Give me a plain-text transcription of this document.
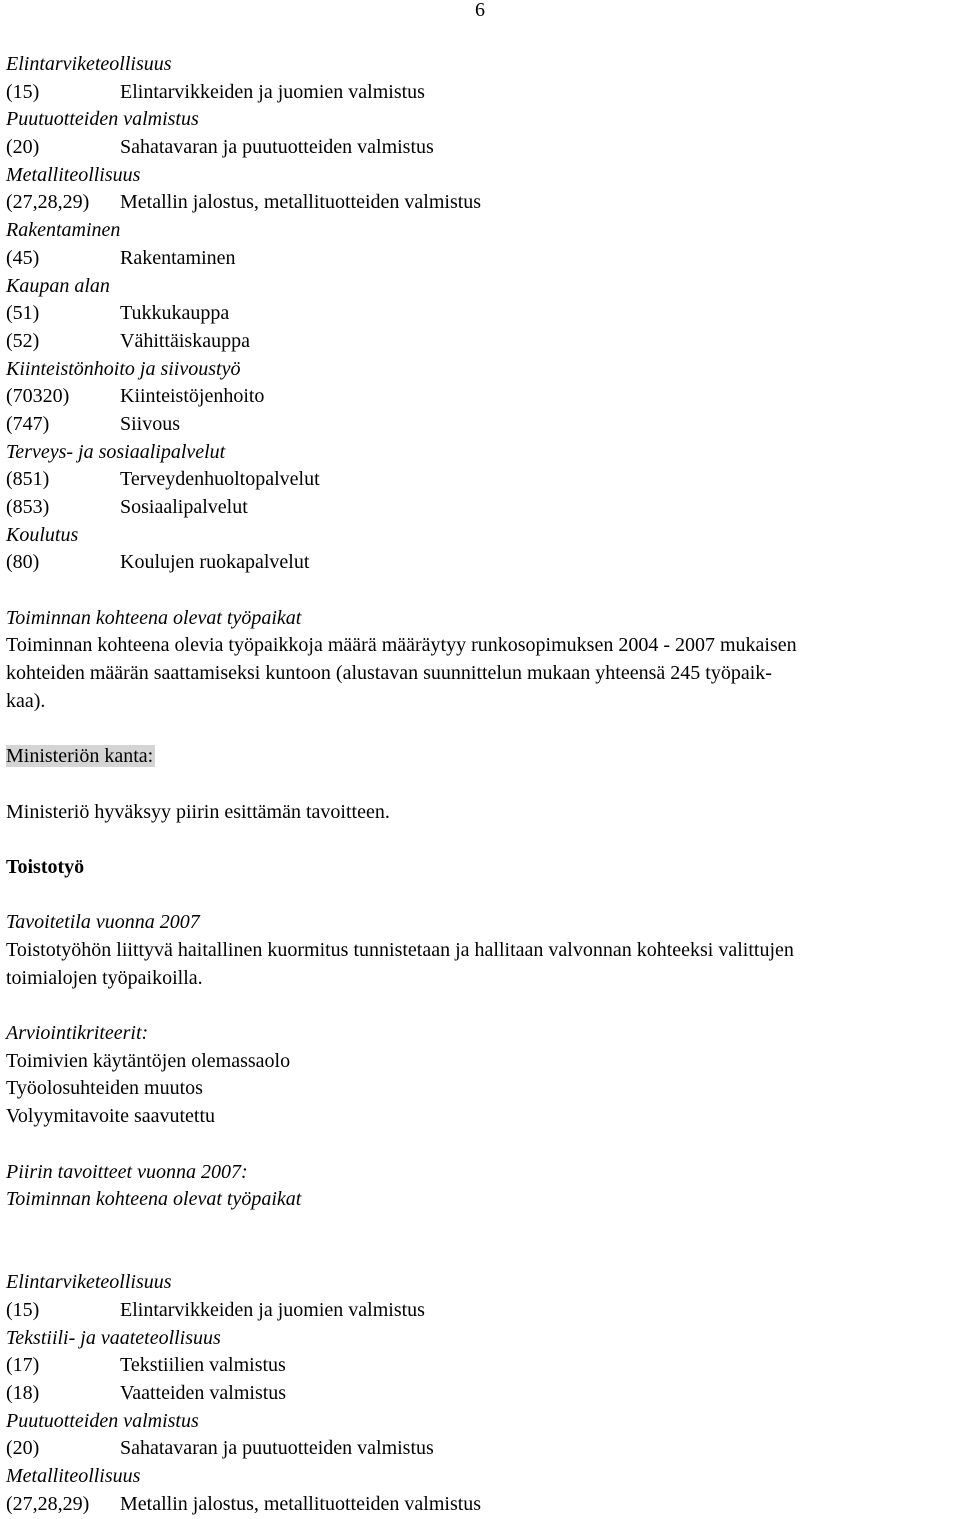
6
Elintarviketeollisuus
(15)	Elintarvikkeiden ja juomien valmistus
Puutuotteiden valmistus
(20)	Sahatavaran ja puutuotteiden valmistus
Metalliteollisuus
(27,28,29) Metallin jalostus, metallituotteiden valmistus
Rakentaminen
(45)	Rakentaminen
Kaupan alan
(51)	Tukkukauppa
(52)	Vähittäiskauppa
Kiinteistönhoito ja siivoustyö
(70320)	Kiinteistöjenhoito
(747)	Siivous
Terveys- ja sosiaalipalvelut
(851)	Terveydenhuoltopalvelut
(853)	Sosiaalipalvelut
Koulutus
(80)	Koulujen ruokapalvelut
Toiminnan kohteena olevat työpaikat
Toiminnan kohteena olevia työpaikkoja määrä määräytyy runkosopimuksen 2004 - 2007 mukaisen
kohteiden määrän saattamiseksi kuntoon (alustavan suunnittelun mukaan yhteensä 245 työpaik-
kaa).
Ministeriön kanta:
Ministeriö hyväksyy piirin esittämän tavoitteen.
Toistotyö
Tavoitetila vuonna 2007
Toistotyöhön liittyvä haitallinen kuormitus tunnistetaan ja hallitaan valvonnan kohteeksi valittujen
toimialojen työpaikoilla.
Arviointikriteerit:
Toimivien käytäntöjen olemassaolo
Työolosuhteiden muutos
Volyymitavoite saavutettu
Piirin tavoitteet vuonna 2007:
Toiminnan kohteena olevat työpaikat
Elintarviketeollisuus
(15)	Elintarvikkeiden ja juomien valmistus
Tekstiili- ja vaateteollisuus
(17)	Tekstiilien valmistus
(18)	Vaatteiden valmistus
Puutuotteiden valmistus
(20)	Sahatavaran ja puutuotteiden valmistus
Metalliteollisuus
(27,28,29) Metallin jalostus, metallituotteiden valmistus
